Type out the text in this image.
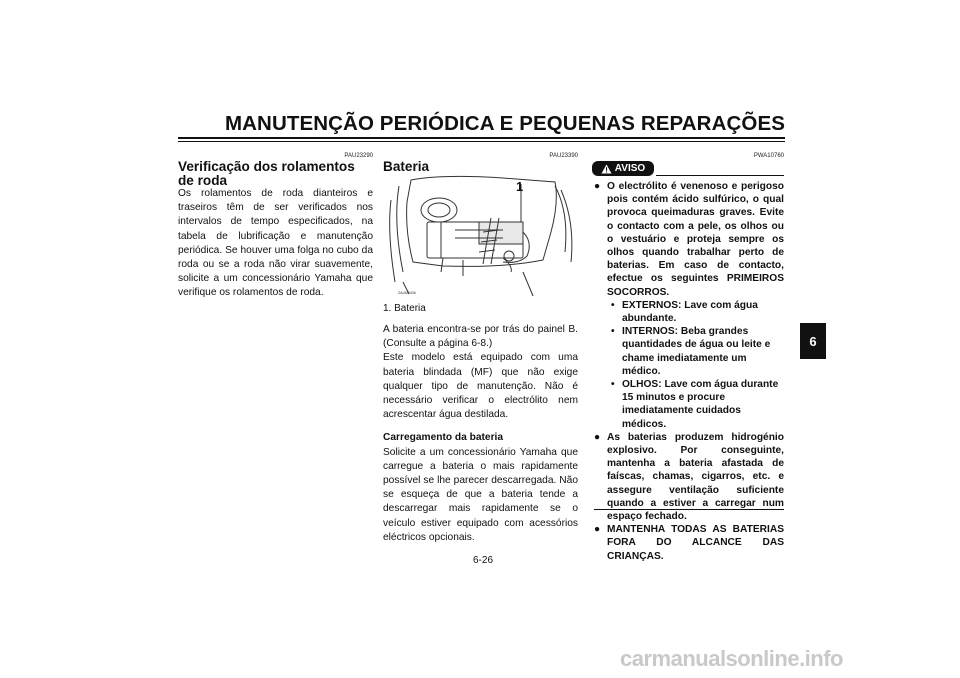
MANUTENÇÃO PERIÓDICA E PEQUENAS REPARAÇÕES
PAU23290
Verificação dos rolamentos de roda

Os rolamentos de roda dianteiros e traseiros têm de ser verificados nos intervalos de tempo especificados, na tabela de lubrificação e manutenção periódica. Se houver uma folga no cubo da roda ou se a roda não virar suavemente, solicite a um concessionário Yamaha que verifique os rolamentos de roda.

PAU23390
Bateria
ZAUM0436
1
1. Bateria

A bateria encontra-se por trás do painel B. (Consulte a página 6-8.)

Este modelo está equipado com uma bateria blindada (MF) que não exige qualquer tipo de manutenção. Não é necessário verificar o electrólito nem acrescentar água destilada.

Carregamento da bateria

Solicite a um concessionário Yamaha que carregue a bateria o mais rapidamente possível se lhe parecer descarregada. Não se esqueça de que a bateria tende a descarregar mais rapidamente se o veículo estiver equipado com acessórios eléctricos opcionais.

PWA10760
AVISO
● O electrólito é venenoso e perigoso pois contém ácido sulfúrico, o qual provoca queimaduras graves. Evite o contacto com a pele, os olhos ou o vestuário e proteja sempre os olhos quando trabalhar perto de baterias. Em caso de contacto, efectue os seguintes PRIMEIROS SOCORROS.
• EXTERNOS: Lave com água abundante.
• INTERNOS: Beba grandes quantidades de água ou leite e chame imediatamente um médico.
• OLHOS: Lave com água durante 15 minutos e procure imediatamente cuidados médicos.
● As baterias produzem hidrogénio explosivo. Por conseguinte, mantenha a bateria afastada de faíscas, chamas, cigarros, etc. e assegure ventilação suficiente quando a estiver a carregar num espaço fechado.
● MANTENHA TODAS AS BATERIAS FORA DO ALCANCE DAS CRIANÇAS.
6
6-26
carmanualsonline.info
